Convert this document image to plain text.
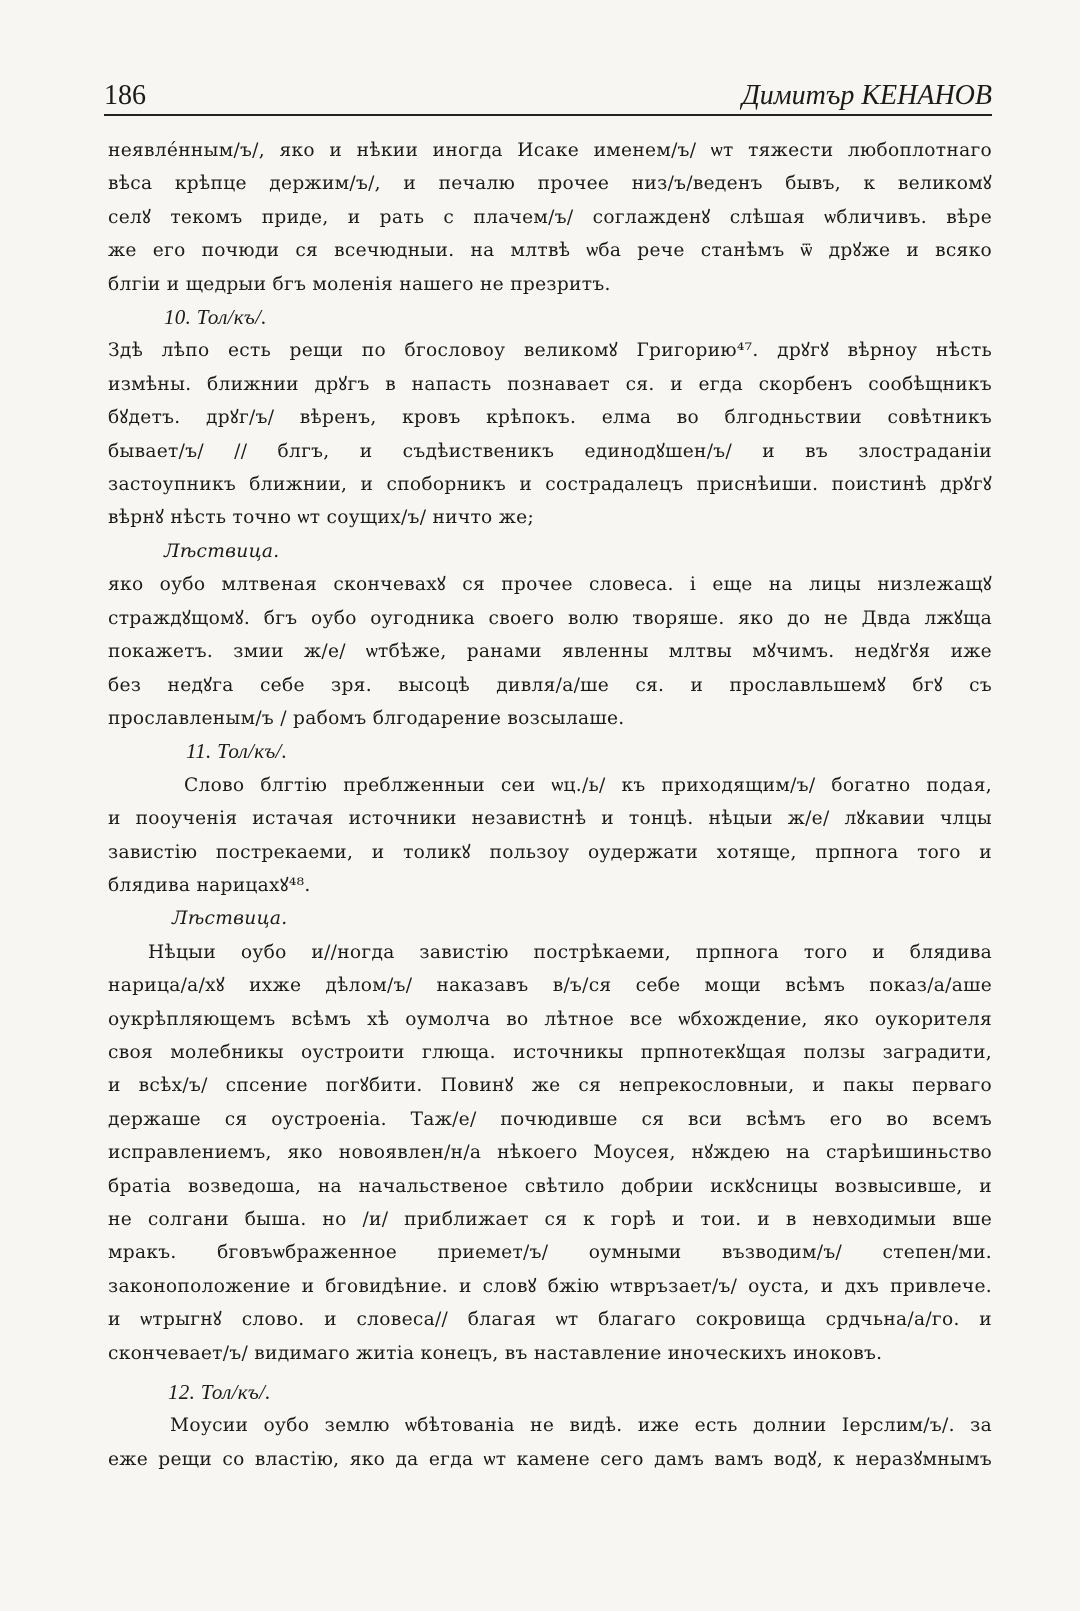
186	Димитър КЕНАНОВ
неявле́нным/ъ/, яко и нѣкии иногда Исаке именем/ъ/ ѡт тяжести любоплотнаго
вѣса крѣпце держим/ъ/, и печалю прочее низ/ъ/веденъ бывъ, к великомꙋ
селꙋ текомъ приде, и рать с плачем/ъ/ соглажденꙋ слѣшая ѡбличивъ. вѣре
же его почюди ся всечюдныи. на млтвѣ ѡба рече станѣмъ ѿ дрꙋже и всяко
блгіи и щедрыи бгъ моленія нашего не презритъ.

10. Тол/къ/.

Здѣ лѣпо есть рещи по бгословоу великомꙋ Григорию⁴⁷. дрꙋгꙋ вѣрноу нѣсть
измѣны. ближнии дрꙋгъ в напасть познавает ся. и егда скорбенъ сообѣщникъ
бꙋдетъ. дрꙋг/ъ/ вѣренъ, кровъ крѣпокъ. елма во блгодньствии совѣтникъ
бывает/ъ/ // блгъ, и съдѣиственикъ единодꙋшен/ъ/ и въ злостраданіи
застоупникъ ближнии, и споборникъ и сострадалецъ приснѣиши. поистинѣ дрꙋгꙋ
вѣрнꙋ нѣсть точно ѡт соущих/ъ/ ничто же;

Лѣствица.

яко оубо млтвеная скончевахꙋ ся прочее словеса. і еще на лицы низлежащꙋ
страждꙋщомꙋ. бгъ оубо оугодника своего волю творяше. яко до не Двда лжꙋща
покажетъ. змии ж/е/ ѡтбѣже, ранами явленны млтвы мꙋчимъ. недꙋгꙋя иже
без недꙋга себе зря. высоцѣ дивля/а/ше ся. и прославльшемꙋ бгꙋ съ
прославленым/ъ / рабомъ блгодарение возсылаше.

11. Тол/къ/.

Слово блгтію преблженныи сеи ѡц./ь/ къ приходящим/ъ/ богатно подая,
и пооученія истачая источники независтнѣ и тонцѣ. нѣцыи ж/е/ лꙋкавии члцы
завистію пострекаеми, и толикꙋ пользоу оудержати хотяще, прпнога тогo и
блядива нарицахꙋ⁴⁸.

Лѣствица.

Нѣцыи оубо и//ногда завистію пострѣкаеми, прпнога того и блядива
нарица/а/хꙋ ихже дѣлом/ъ/ наказавъ в/ъ/ся себе мощи всѣмъ показ/а/аше
оукрѣпляющемъ всѣмъ хѣ оумолча во лѣтное все ѡбхождение, яко оукорителя
своя молебникы оустроити глюща. источникы прпнотекꙋщая ползы заградити,
и всѣх/ъ/ спсение погꙋбити. Повинꙋ же ся непрекословныи, и пакы перваго
держаше ся оустроеніа. Таж/е/ почюдивше ся вси всѣмъ его во всемъ
исправлениемъ, яко новоявлен/н/а нѣкоего Моусея, нꙋждею на старѣишиньство
братіа возведоша, на начальственое свѣтило добрии искꙋсницы возвысивше, и
не солгани быша. но /и/ приближает ся к горѣ и тои. и в невходимыи вше
мракъ. бговъѡбраженное приемет/ъ/ оумными възводим/ъ/ степен/ми.
законоположение и бговидѣние. и словꙋ бжію ѡтвръзает/ъ/ оуста, и дхъ привлече.
и ѡтрыгнꙋ слово. и словеса// благая ѡт благаго сокровища срдчьна/а/го. и
скончевает/ъ/ видимаго житіа конецъ, въ наставление иноческихъ иноковъ.

12. Тол/къ/.

Моусии оубо землю ѡбѣтованіа не видѣ. иже есть долнии Іерслим/ъ/. за
еже рещи со властію, яко да егда ѡт камене сего дамъ вамъ водꙋ, к неразꙋмнымъ
